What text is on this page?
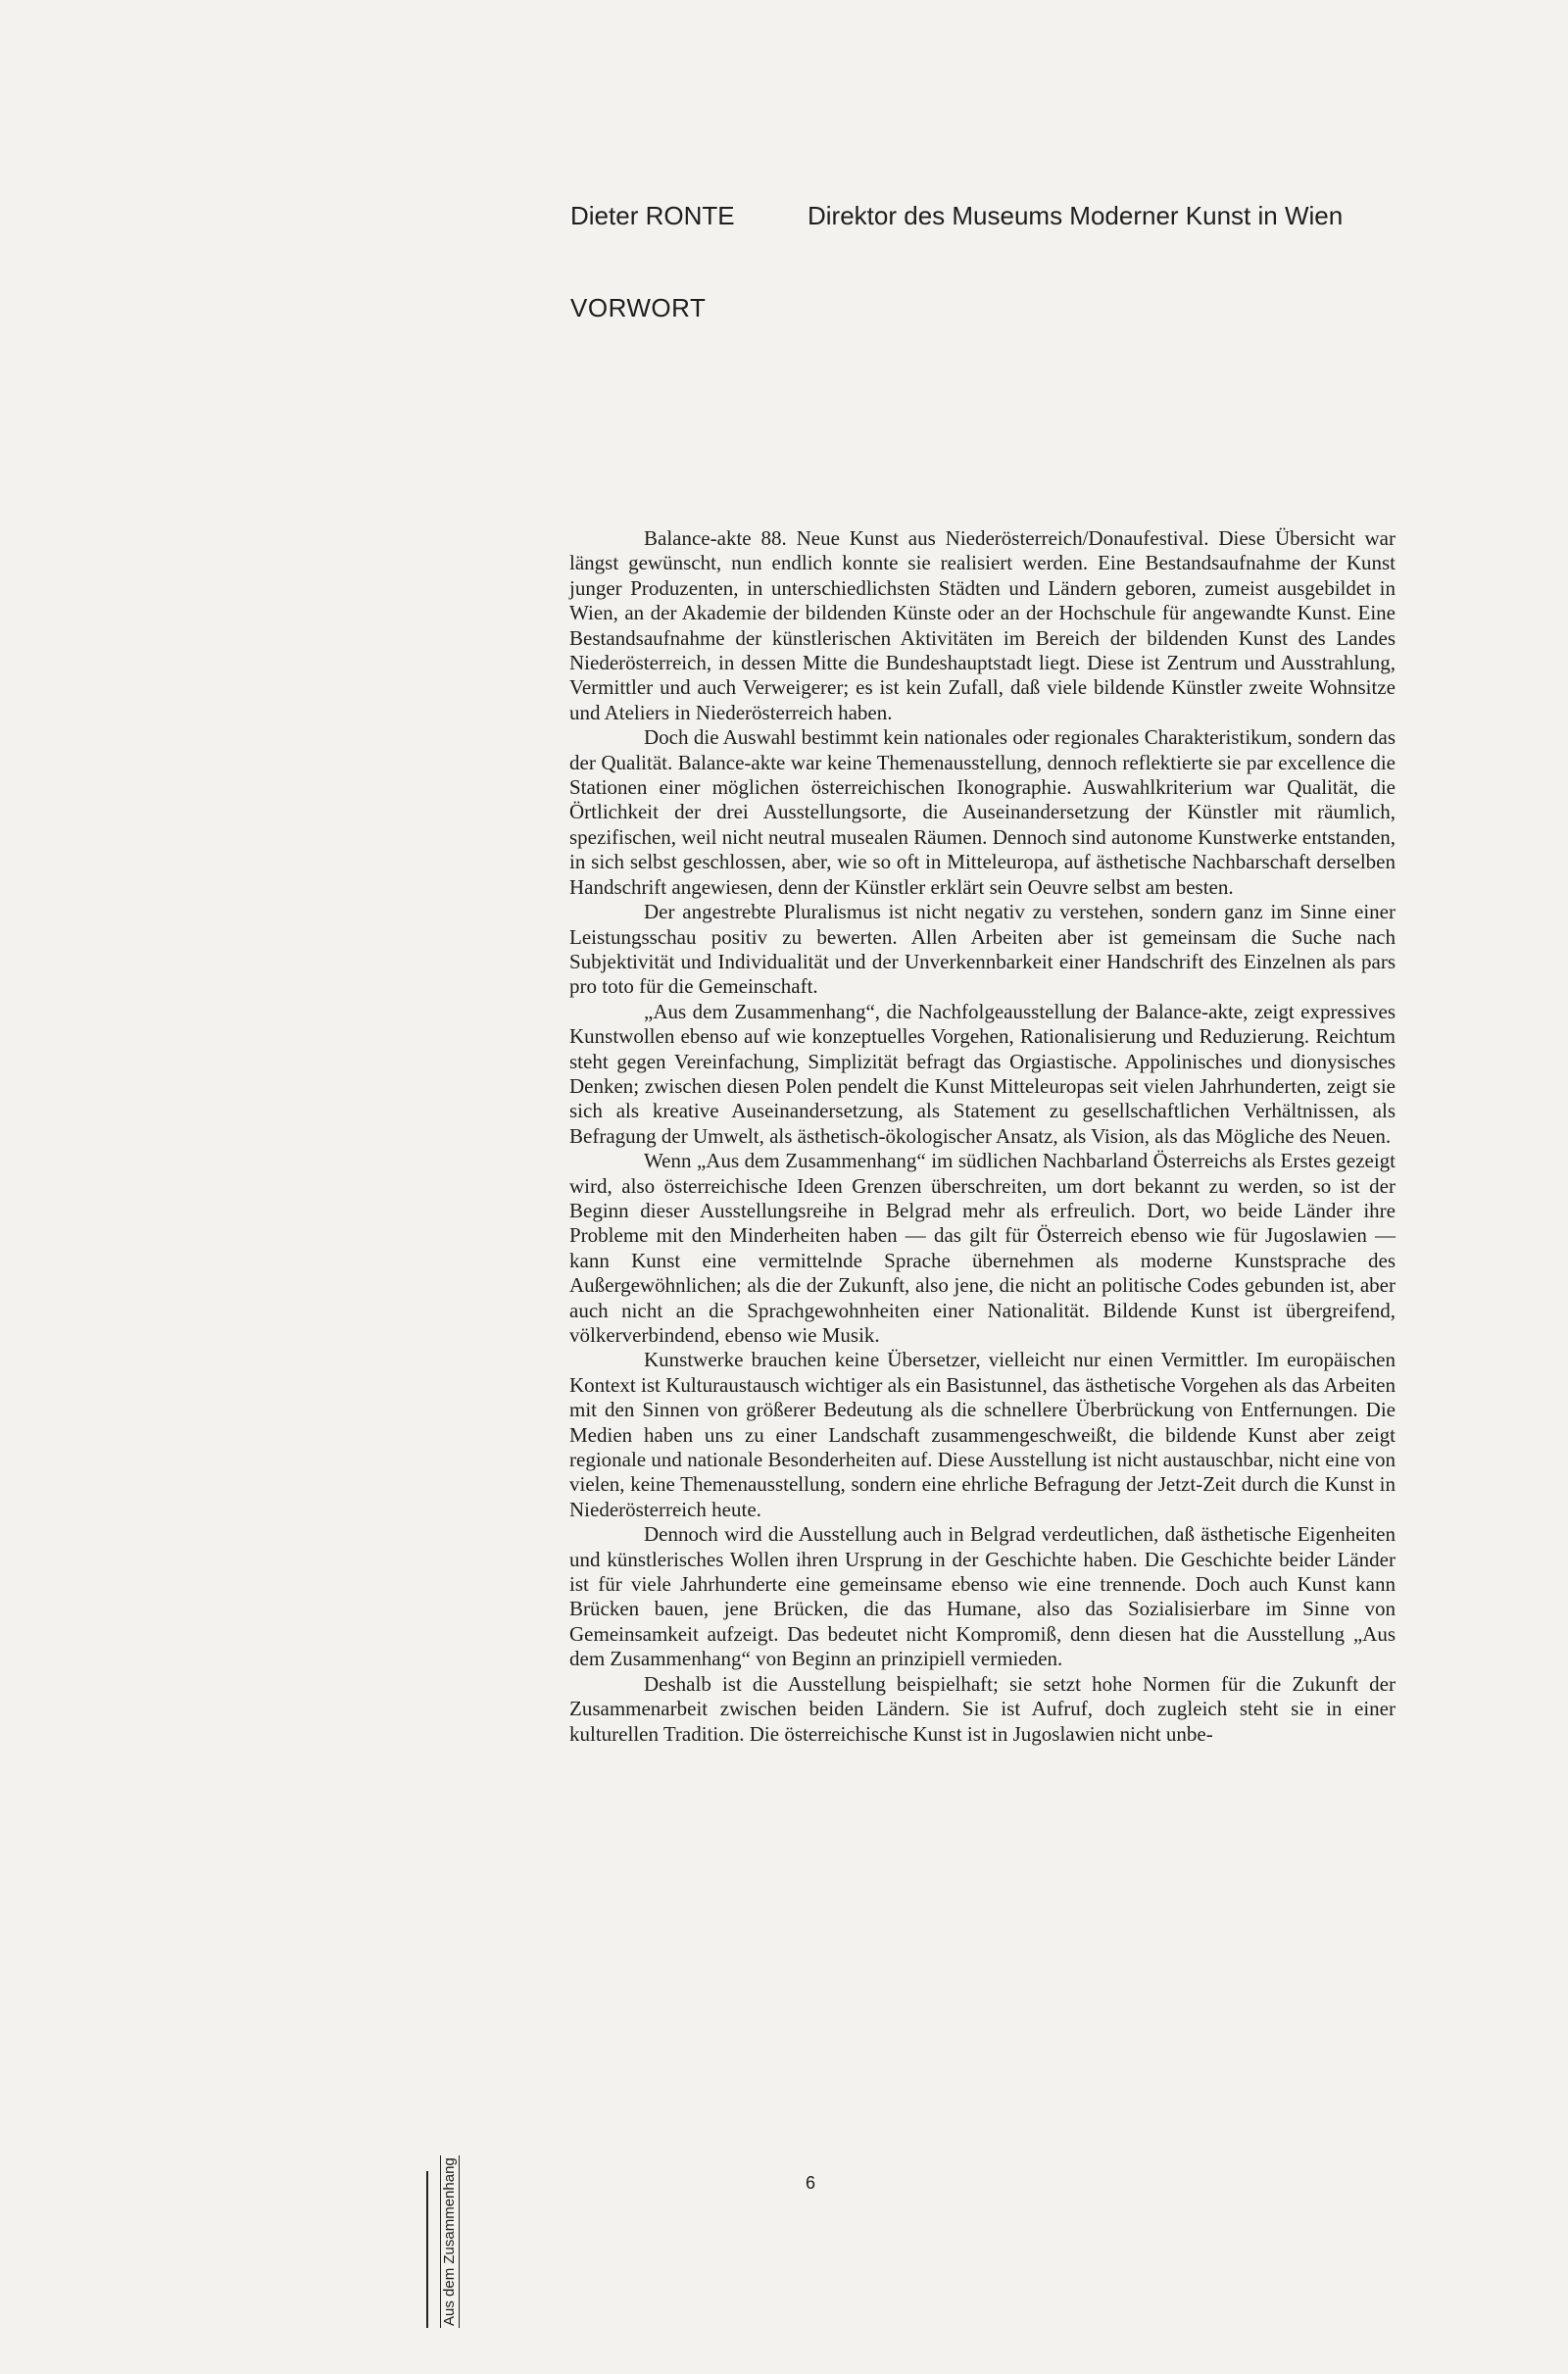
Dieter RONTE	Direktor des Museums Moderner Kunst in Wien
VORWORT

Balance-akte 88. Neue Kunst aus Niederösterreich/Donaufestival. Diese Übersicht war längst gewünscht, nun endlich konnte sie realisiert werden. Eine Bestandsaufnahme der Kunst junger Produzenten, in unterschiedlichsten Städten und Ländern geboren, zumeist ausgebildet in Wien, an der Akademie der bildenden Künste oder an der Hochschule für angewandte Kunst. Eine Bestandsaufnahme der künstlerischen Aktivitäten im Bereich der bildenden Kunst des Landes Niederösterreich, in dessen Mitte die Bundeshauptstadt liegt. Diese ist Zentrum und Ausstrahlung, Vermittler und auch Verweigerer; es ist kein Zufall, daß viele bildende Künstler zweite Wohnsitze und Ateliers in Niederösterreich haben.

Doch die Auswahl bestimmt kein nationales oder regionales Charakteristikum, sondern das der Qualität. Balance-akte war keine Themenausstellung, dennoch reflektierte sie par excellence die Stationen einer möglichen österreichischen Ikonographie. Auswahlkriterium war Qualität, die Örtlichkeit der drei Ausstellungsorte, die Auseinandersetzung der Künstler mit räumlich, spezifischen, weil nicht neutral musealen Räumen. Dennoch sind autonome Kunstwerke entstanden, in sich selbst geschlossen, aber, wie so oft in Mitteleuropa, auf ästhetische Nachbarschaft derselben Handschrift angewiesen, denn der Künstler erklärt sein Oeuvre selbst am besten.

Der angestrebte Pluralismus ist nicht negativ zu verstehen, sondern ganz im Sinne einer Leistungsschau positiv zu bewerten. Allen Arbeiten aber ist gemeinsam die Suche nach Subjektivität und Individualität und der Unverkennbarkeit einer Handschrift des Einzelnen als pars pro toto für die Gemeinschaft.

„Aus dem Zusammenhang“, die Nachfolgeausstellung der Balance-akte, zeigt expressives Kunstwollen ebenso auf wie konzeptuelles Vorgehen, Rationalisierung und Reduzierung. Reichtum steht gegen Vereinfachung, Simplizität befragt das Orgiastische. Appolinisches und dionysisches Denken; zwischen diesen Polen pendelt die Kunst Mitteleuropas seit vielen Jahrhunderten, zeigt sie sich als kreative Auseinandersetzung, als Statement zu gesellschaftlichen Verhältnissen, als Befragung der Umwelt, als ästhetisch-ökologischer Ansatz, als Vision, als das Mögliche des Neuen.

Wenn „Aus dem Zusammenhang“ im südlichen Nachbarland Österreichs als Erstes gezeigt wird, also österreichische Ideen Grenzen überschreiten, um dort bekannt zu werden, so ist der Beginn dieser Ausstellungsreihe in Belgrad mehr als erfreulich. Dort, wo beide Länder ihre Probleme mit den Minderheiten haben — das gilt für Österreich ebenso wie für Jugoslawien — kann Kunst eine vermittelnde Sprache übernehmen als moderne Kunstsprache des Außergewöhnlichen; als die der Zukunft, also jene, die nicht an politische Codes gebunden ist, aber auch nicht an die Sprachgewohnheiten einer Nationalität. Bildende Kunst ist übergreifend, völkerverbindend, ebenso wie Musik.

Kunstwerke brauchen keine Übersetzer, vielleicht nur einen Vermittler. Im europäischen Kontext ist Kulturaustausch wichtiger als ein Basistunnel, das ästhetische Vorgehen als das Arbeiten mit den Sinnen von größerer Bedeutung als die schnellere Überbrückung von Entfernungen. Die Medien haben uns zu einer Landschaft zusammengeschweißt, die bildende Kunst aber zeigt regionale und nationale Besonderheiten auf. Diese Ausstellung ist nicht austauschbar, nicht eine von vielen, keine Themenausstellung, sondern eine ehrliche Befragung der Jetzt-Zeit durch die Kunst in Niederösterreich heute.

Dennoch wird die Ausstellung auch in Belgrad verdeutlichen, daß ästhetische Eigenheiten und künstlerisches Wollen ihren Ursprung in der Geschichte haben. Die Geschichte beider Länder ist für viele Jahrhunderte eine gemeinsame ebenso wie eine trennende. Doch auch Kunst kann Brücken bauen, jene Brücken, die das Humane, also das Sozialisierbare im Sinne von Gemeinsamkeit aufzeigt. Das bedeutet nicht Kompromiß, denn diesen hat die Ausstellung „Aus dem Zusammenhang“ von Beginn an prinzipiell vermieden.

Deshalb ist die Ausstellung beispielhaft; sie setzt hohe Normen für die Zukunft der Zusammenarbeit zwischen beiden Ländern. Sie ist Aufruf, doch zugleich steht sie in einer kulturellen Tradition. Die österreichische Kunst ist in Jugoslawien nicht unbe-

6
Aus dem Zusammenhang
